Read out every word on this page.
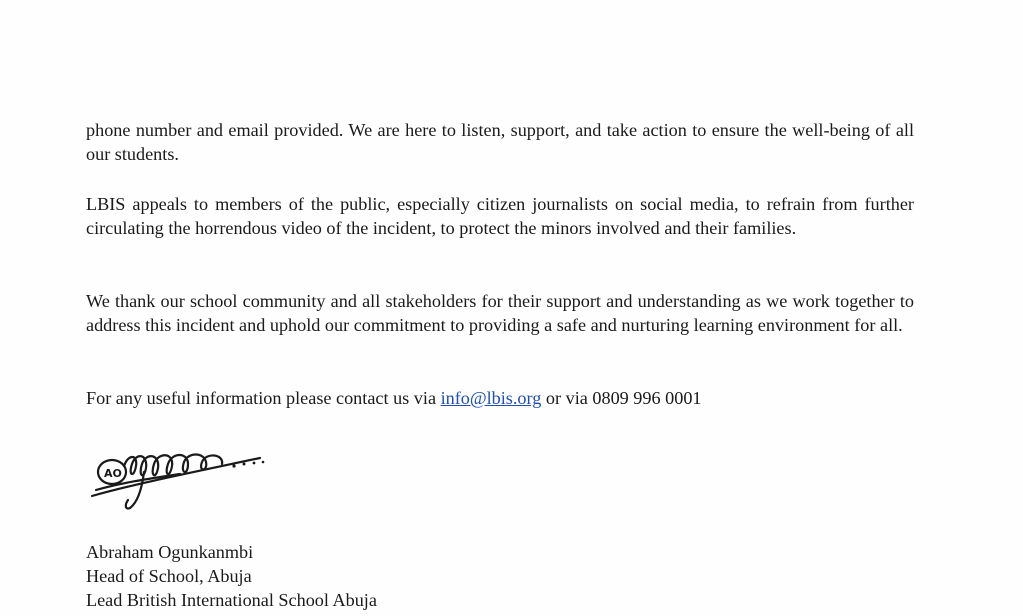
phone number and email provided. We are here to listen, support, and take action to ensure the well-being of all our students.

LBIS appeals to members of the public, especially citizen journalists on social media, to refrain from further circulating the horrendous video of the incident, to protect the minors involved and their families.

We thank our school community and all stakeholders for their support and understanding as we work together to address this incident and uphold our commitment to providing a safe and nurturing learning environment for all.

For any useful information please contact us via info@lbis.org or via 0809 996 0001

AO
Abraham Ogunkanmbi
Head of School, Abuja
Lead British International School Abuja
